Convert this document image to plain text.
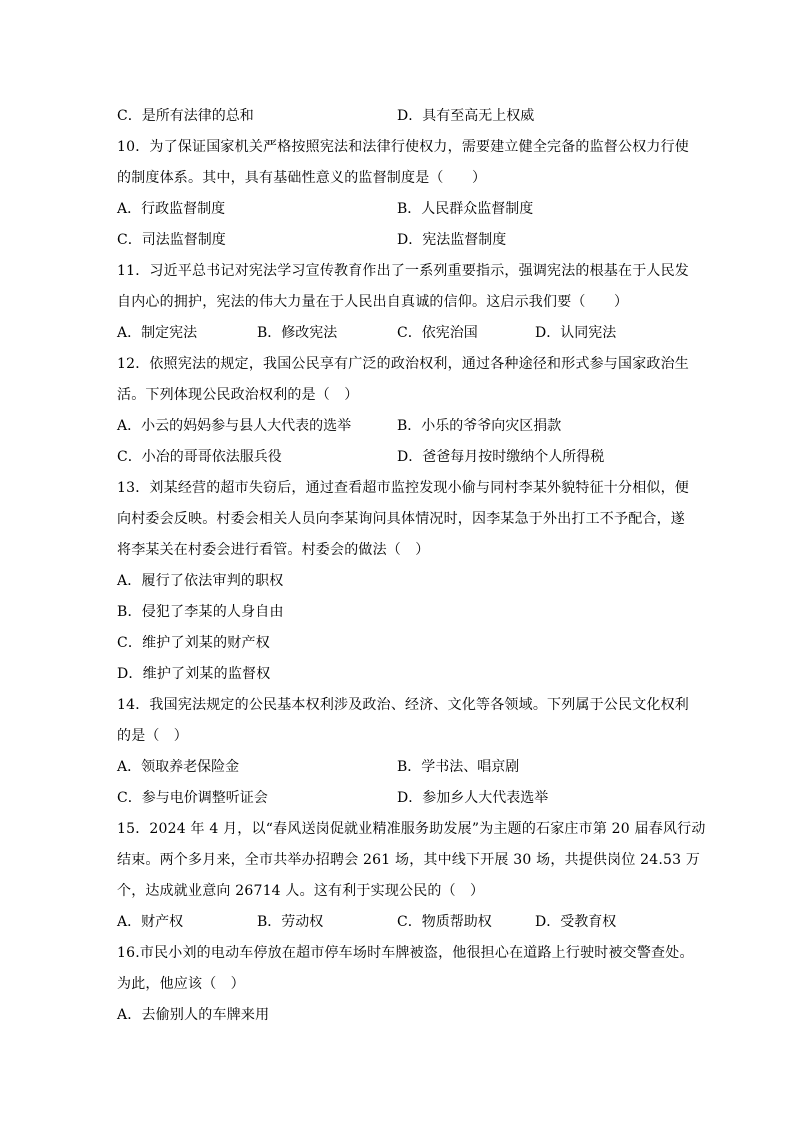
C．是所有法律的总和	D．具有至高无上权威
10．为了保证国家机关严格按照宪法和法律行使权力，需要建立健全完备的监督公权力行使
的制度体系。其中，具有基础性意义的监督制度是（　　）
A．行政监督制度	B．人民群众监督制度
C．司法监督制度	D．宪法监督制度
11．习近平总书记对宪法学习宣传教育作出了一系列重要指示，强调宪法的根基在于人民发
自内心的拥护，宪法的伟大力量在于人民出自真诚的信仰。这启示我们要（　　）
A．制定宪法	B．修改宪法	C．依宪治国	D．认同宪法
12．依照宪法的规定，我国公民享有广泛的政治权利，通过各种途径和形式参与国家政治生
活。下列体现公民政治权利的是（　）
A．小云的妈妈参与县人大代表的选举	B．小乐的爷爷向灾区捐款
C．小冶的哥哥依法服兵役	D．爸爸每月按时缴纳个人所得税
13．刘某经营的超市失窃后，通过查看超市监控发现小偷与同村李某外貌特征十分相似，便
向村委会反映。村委会相关人员向李某询问具体情况时，因李某急于外出打工不予配合，遂
将李某关在村委会进行看管。村委会的做法（　）
A．履行了依法审判的职权
B．侵犯了李某的人身自由
C．维护了刘某的财产权
D．维护了刘某的监督权
14．我国宪法规定的公民基本权利涉及政治、经济、文化等各领域。下列属于公民文化权利
的是（　）
A．领取养老保险金	B．学书法、唱京剧
C．参与电价调整听证会	D．参加乡人大代表选举
15．2024 年 4 月，以“春风送岗促就业精准服务助发展”为主题的石家庄市第 20 届春风行动
结束。两个多月来，全市共举办招聘会 261 场，其中线下开展 30 场，共提供岗位 24.53 万
个，达成就业意向 26714 人。这有利于实现公民的（　）
A．财产权	B．劳动权	C．物质帮助权	D．受教育权
16.市民小刘的电动车停放在超市停车场时车牌被盗，他很担心在道路上行驶时被交警查处。
为此，他应该（　）
A．去偷别人的车牌来用
